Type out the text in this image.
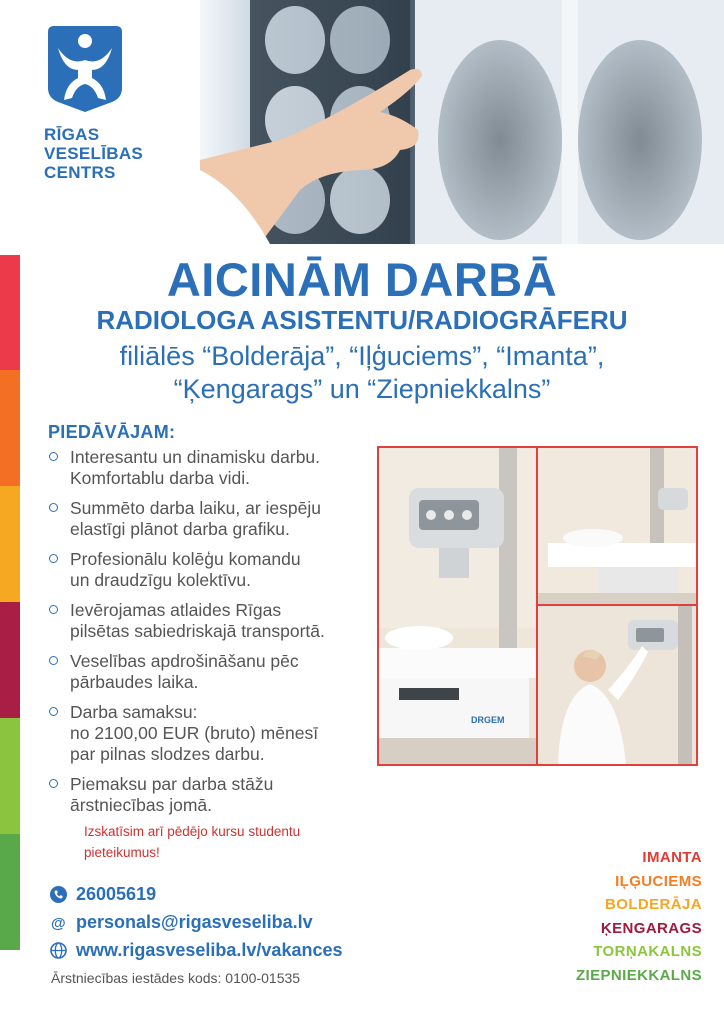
RĪGAS
VESELĪBAS
CENTRS
AICINĀM DARBĀ
RADIOLOGA ASISTENTU/RADIOGRĀFERU
filiālēs “Bolderāja”, “Iļģuciems”, “Imanta”,
“Ķengarags” un “Ziepniekkalns”
PIEDĀVĀJAM:
Interesantu un dinamisku darbu.
Komfortablu darba vidi.
Summēto darba laiku, ar iespēju
elastīgi plānot darba grafiku.
Profesionālu kolēģu komandu
un draudzīgu kolektīvu.
Ievērojamas atlaides Rīgas
pilsētas sabiedriskajā transportā.
Veselības apdrošināšanu pēc
pārbaudes laika.
Darba samaksu:
no 2100,00 EUR (bruto) mēnesī
par pilnas slodzes darbu.
Piemaksu par darba stāžu
ārstniecības jomā.
Izskatīsim arī pēdējo kursu studentu pieteikumus!
DRGEM
26005619
@ personals@rigasveseliba.lv
www.rigasveseliba.lv/vakances
Ārstniecības iestādes kods: 0100-01535
IMANTA
IĻĢUCIEMS
BOLDERĀJA
ĶENGARAGS
TORŅAKALNS
ZIEPNIEKKALNS
